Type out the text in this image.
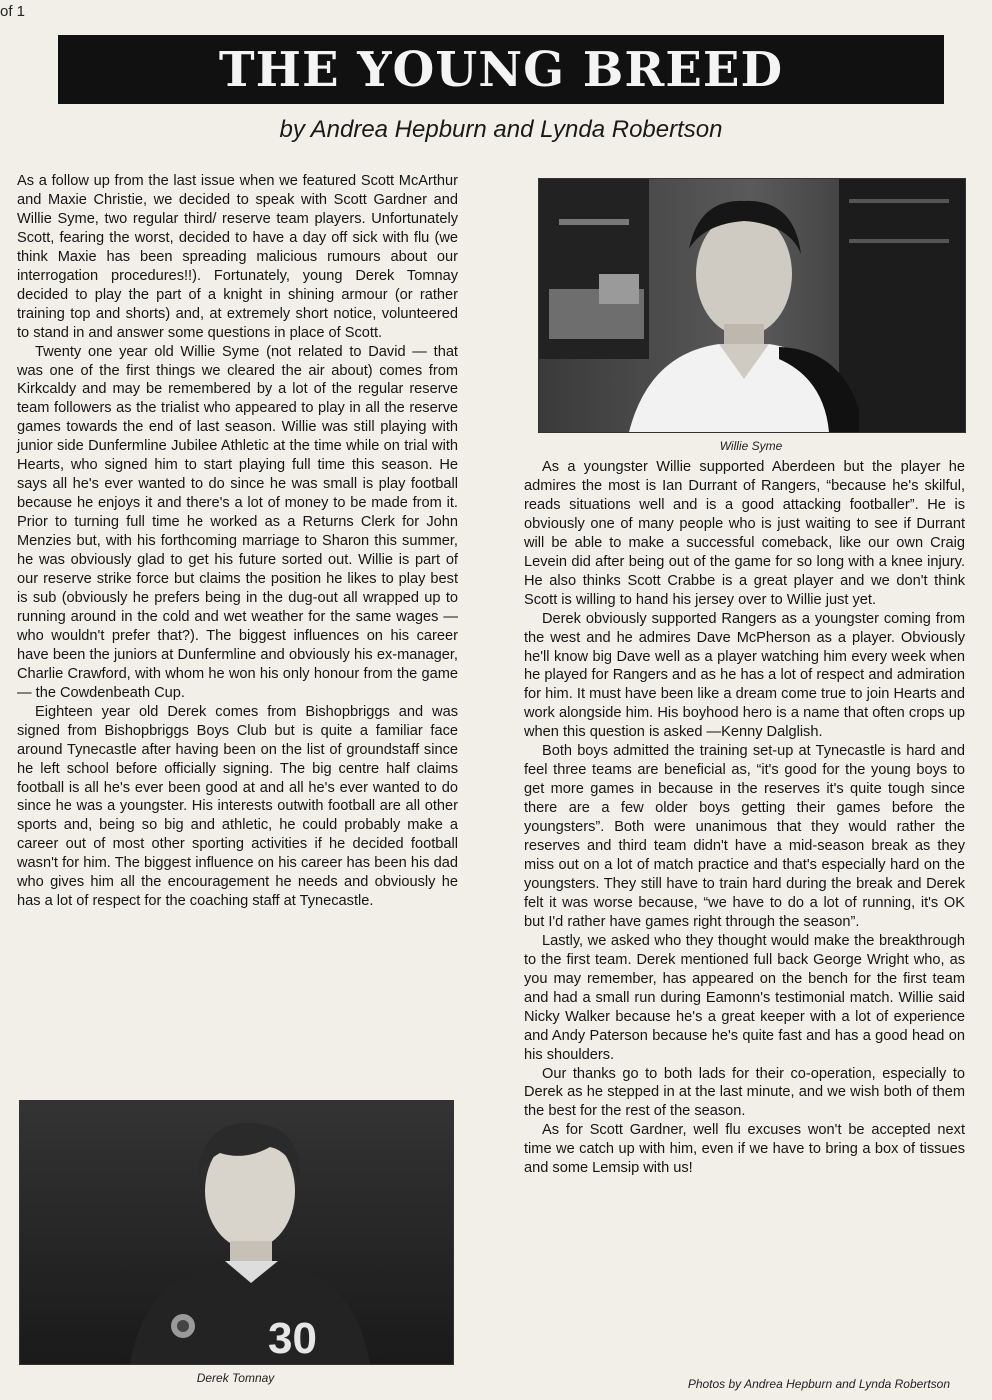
of 1
THE YOUNG BREED
by Andrea Hepburn and Lynda Robertson

As a follow up from the last issue when we featured Scott McArthur and Maxie Christie, we decided to speak with Scott Gardner and Willie Syme, two regular third/ reserve team players. Unfortunately Scott, fearing the worst, decided to have a day off sick with flu (we think Maxie has been spreading malicious rumours about our interrogation procedures!!). Fortunately, young Derek Tomnay decided to play the part of a knight in shining armour (or rather training top and shorts) and, at extremely short notice, volunteered to stand in and answer some questions in place of Scott.

Twenty one year old Willie Syme (not related to David — that was one of the first things we cleared the air about) comes from Kirkcaldy and may be remembered by a lot of the regular reserve team followers as the trialist who appeared to play in all the reserve games towards the end of last season. Willie was still playing with junior side Dunfermline Jubilee Athletic at the time while on trial with Hearts, who signed him to start playing full time this season. He says all he's ever wanted to do since he was small is play football because he enjoys it and there's a lot of money to be made from it. Prior to turning full time he worked as a Returns Clerk for John Menzies but, with his forthcoming marriage to Sharon this summer, he was obviously glad to get his future sorted out. Willie is part of our reserve strike force but claims the position he likes to play best is sub (obviously he prefers being in the dug-out all wrapped up to running around in the cold and wet weather for the same wages — who wouldn't prefer that?). The biggest influences on his career have been the juniors at Dunfermline and obviously his ex-manager, Charlie Crawford, with whom he won his only honour from the game — the Cowdenbeath Cup.

Eighteen year old Derek comes from Bishopbriggs and was signed from Bishopbriggs Boys Club but is quite a familiar face around Tynecastle after having been on the list of groundstaff since he left school before officially signing. The big centre half claims football is all he's ever been good at and all he's ever wanted to do since he was a youngster. His interests outwith football are all other sports and, being so big and athletic, he could probably make a career out of most other sporting activities if he decided football wasn't for him. The biggest influence on his career has been his dad who gives him all the encouragement he needs and obviously he has a lot of respect for the coaching staff at Tynecastle.

Willie Syme

As a youngster Willie supported Aberdeen but the player he admires the most is Ian Durrant of Rangers, “because he's skilful, reads situations well and is a good attacking footballer”. He is obviously one of many people who is just waiting to see if Durrant will be able to make a successful comeback, like our own Craig Levein did after being out of the game for so long with a knee injury. He also thinks Scott Crabbe is a great player and we don't think Scott is willing to hand his jersey over to Willie just yet.

Derek obviously supported Rangers as a youngster coming from the west and he admires Dave McPherson as a player. Obviously he'll know big Dave well as a player watching him every week when he played for Rangers and as he has a lot of respect and admiration for him. It must have been like a dream come true to join Hearts and work alongside him. His boyhood hero is a name that often crops up when this question is asked —Kenny Dalglish.

Both boys admitted the training set-up at Tynecastle is hard and feel three teams are beneficial as, “it's good for the young boys to get more games in because in the reserves it's quite tough since there are a few older boys getting their games before the youngsters”. Both were unanimous that they would rather the reserves and third team didn't have a mid-season break as they miss out on a lot of match practice and that's especially hard on the youngsters. They still have to train hard during the break and Derek felt it was worse because, “we have to do a lot of running, it's OK but I'd rather have games right through the season”.

Lastly, we asked who they thought would make the breakthrough to the first team. Derek mentioned full back George Wright who, as you may remember, has appeared on the bench for the first team and had a small run during Eamonn's testimonial match. Willie said Nicky Walker because he's a great keeper with a lot of experience and Andy Paterson because he's quite fast and has a good head on his shoulders.

Our thanks go to both lads for their co-operation, especially to Derek as he stepped in at the last minute, and we wish both of them the best for the rest of the season.

As for Scott Gardner, well flu excuses won't be accepted next time we catch up with him, even if we have to bring a box of tissues and some Lemsip with us!

30
Derek Tomnay	Photos by Andrea Hepburn and Lynda Robertson
